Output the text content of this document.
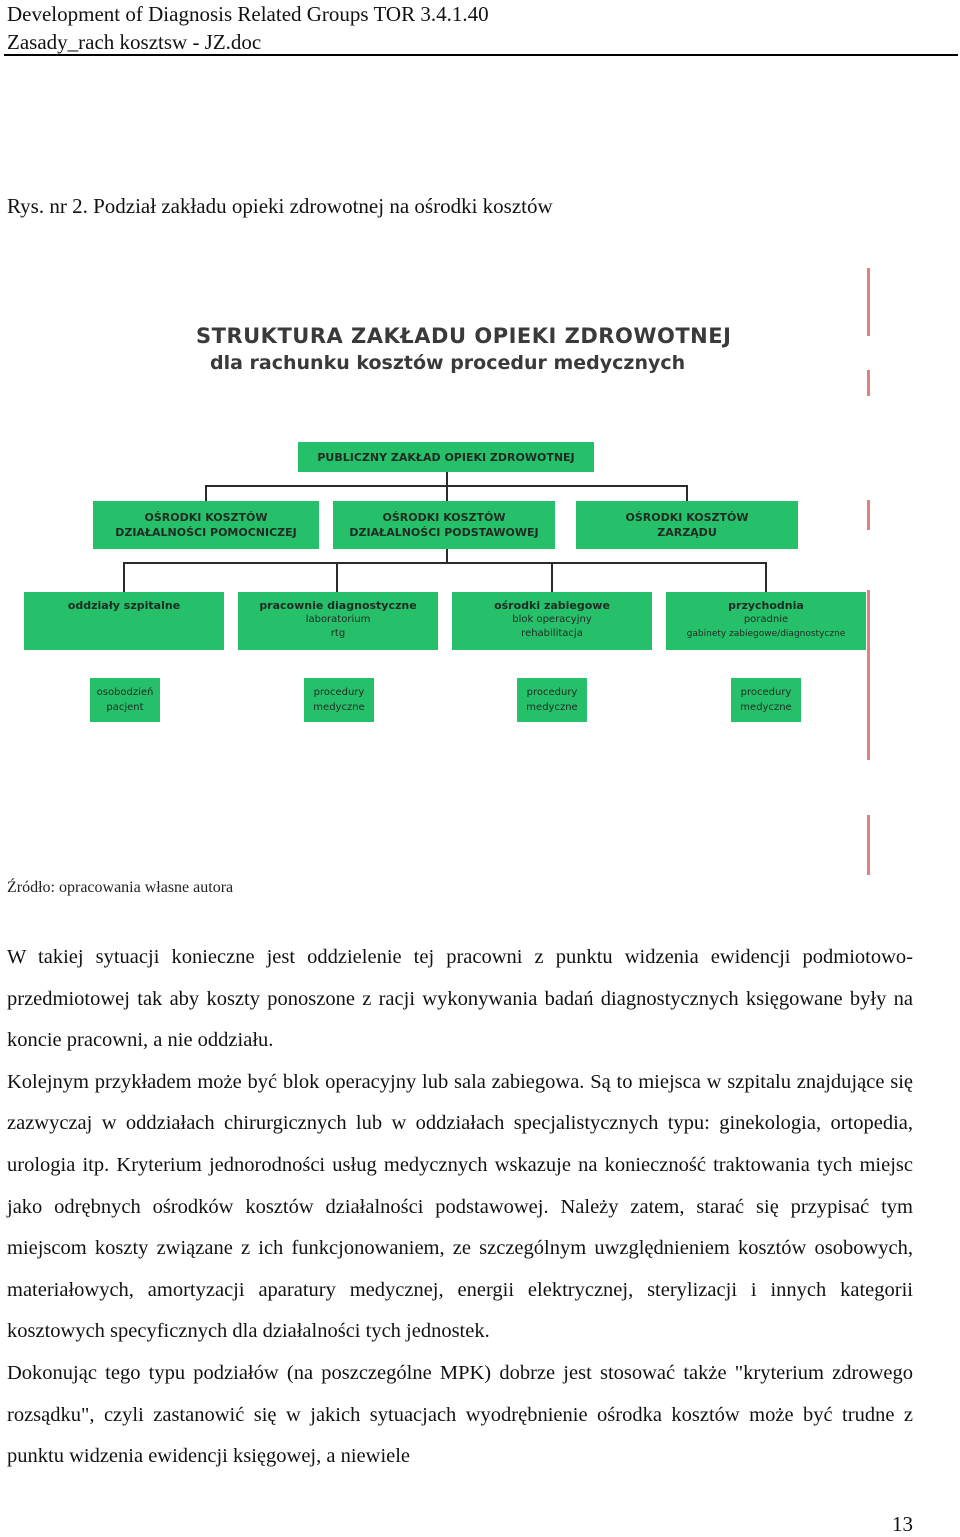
Development of Diagnosis Related Groups TOR 3.4.1.40
Zasady_rach kosztsw - JZ.doc
Rys. nr 2. Podział zakładu opieki zdrowotnej na ośrodki kosztów
STRUKTURA ZAKŁADU OPIEKI ZDROWOTNEJ
dla rachunku kosztów procedur medycznych
PUBLICZNY ZAKŁAD OPIEKI ZDROWOTNEJ
OŚRODKI KOSZTÓW
DZIAŁALNOŚCI POMOCNICZEJ
OŚRODKI KOSZTÓW
DZIAŁALNOŚCI PODSTAWOWEJ
OŚRODKI KOSZTÓW
ZARZĄDU
oddziały szpitalne	pracownie diagnostyczne
laboratorium
rtg
ośrodki zabiegowe
blok operacyjny
rehabilitacja
przychodnia
poradnie
gabinety zabiegowe/diagnostyczne
osobodzień
pacjent
procedury
medyczne
procedury
medyczne
procedury
medyczne
Źródło: opracowania własne autora

W takiej sytuacji konieczne jest oddzielenie tej pracowni z punktu widzenia ewidencji podmiotowo-przedmiotowej tak aby koszty ponoszone z racji wykonywania badań diagnostycznych księgowane były na koncie pracowni, a nie oddziału.

Kolejnym przykładem może być blok operacyjny lub sala zabiegowa. Są to miejsca w szpitalu znajdujące się zazwyczaj w oddziałach chirurgicznych lub w oddziałach specjalistycznych typu: ginekologia, ortopedia, urologia itp. Kryterium jednorodności usług medycznych wskazuje na konieczność traktowania tych miejsc jako odrębnych ośrodków kosztów działalności podstawowej. Należy zatem, starać się przypisać tym miejscom koszty związane z ich funkcjonowaniem, ze szczególnym uwzględnieniem kosztów osobowych, materiałowych, amortyzacji aparatury medycznej, energii elektrycznej, sterylizacji i innych kategorii kosztowych specyficznych dla działalności tych jednostek.

Dokonując tego typu podziałów (na poszczególne MPK) dobrze jest stosować także "kryterium zdrowego rozsądku", czyli zastanowić się w jakich sytuacjach wyodrębnienie ośrodka kosztów może być trudne z punktu widzenia ewidencji księgowej, a niewiele

13
